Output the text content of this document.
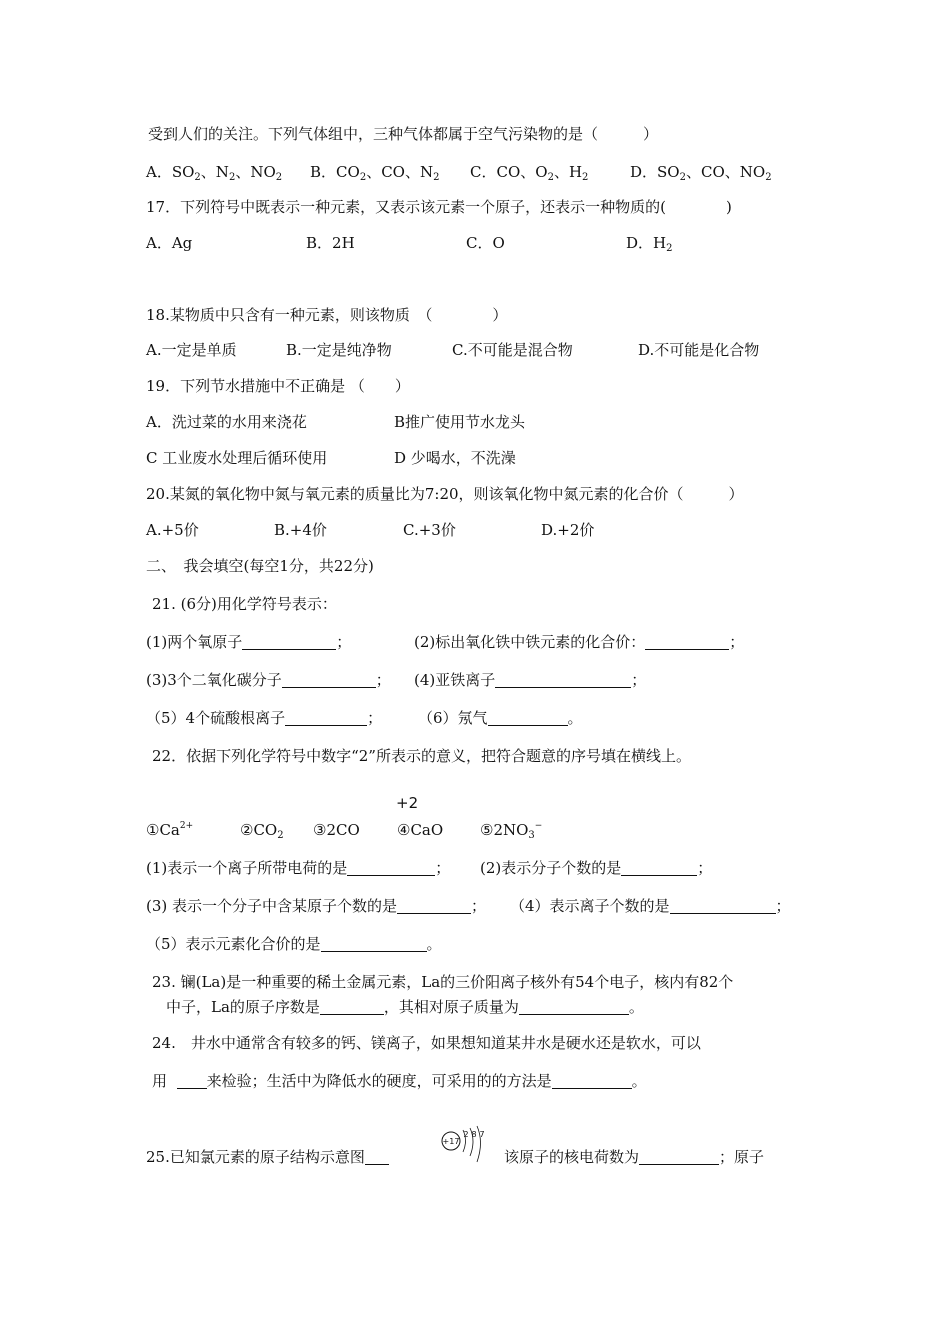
受到人们的关注。下列气体组中，三种气体都属于空气污染物的是（　　　）
A．$SO_2$、$N_2$、$NO_2$ B．$CO_2$、CO、$N_2$ C．CO、$O_2$、$H_2$	D．$SO_2$、CO、$NO_2$
17．下列符号中既表示一种元素，又表示该元素一个原子，还表示一种物质的(　　　　)
A．Ag	B．2H	C．O	D．$H_2$
18.某物质中只含有一种元素，则该物质　（　　　　）
A.一定是单质	B.一定是纯净物	C.不可能是混合物	D.不可能是化合物
19．下列节水措施中不正确是 （　　）
A．洗过菜的水用来浇花	B推广使用节水龙头
C 工业废水处理后循环使用	D 少喝水，不洗澡
20.某氮的氧化物中氮与氧元素的质量比为7:20，则该氧化物中氮元素的化合价（　　　）
A.+5价	B.+4价	C.+3价	D.+2价
二、　我会填空(每空1分，共22分)
21. (6分)用化学符号表示：
(1)两个氧原子	；	(2)标出氧化铁中铁元素的化合价：	；
(3)3个二氧化碳分子	； (4)亚铁离子	；
（5）4个硫酸根离子	； （6）氖气	。
22．依据下列化学符号中数字“2”所表示的意义，把符合题意的序号填在横线上。
+2
$①Ca^{2+}$	$②CO_2$ ③2CO ④CaO $⑤2NO_3^-$
(1)表示一个离子所带电荷的是	； (2)表示分子个数的是	；
(3) 表示一个分子中含某原子个数的是	； （4）表示离子个数的是	；
（5）表示元素化合价的是	。
23. 镧(La)是一种重要的稀土金属元素，La的三价阳离子核外有54个电子，核内有82个
中子，La的原子序数是	，其相对原子质量为	。
24.　井水中通常含有较多的钙、镁离子，如果想知道某井水是硬水还是软水，可以
用	来检验；生活中为降低水的硬度，可采用的的方法是	。
25.已知氯元素的原子结构示意图
+17
2 8 7
该原子的核电荷数为	；原子
